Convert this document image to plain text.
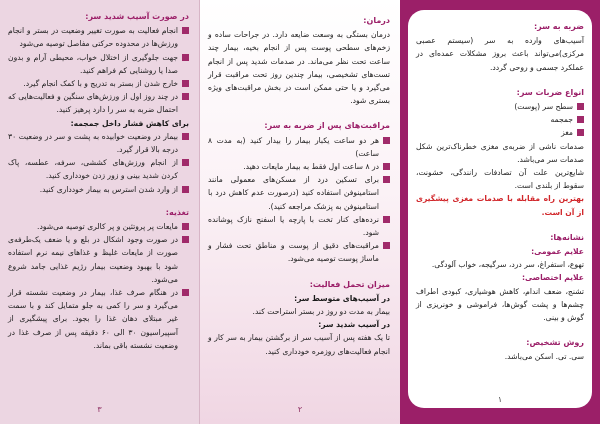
در صورت آسیب شدید سر:
انجام فعالیت به صورت تغییر وضعیت در بستر و انجام ورزش‌ها در محدوده حرکتی مفاصل توصیه می‌شود
جهت جلوگیری از اختلال خواب، محیطی آرام و بدون صدا یا روشنایی کم فراهم کنید.
خارج شدن از بستر به تدریج و با کمک انجام گیرد.
در چند روز اول از ورزش‌های سنگین و فعالیت‌هایی که احتمال ضربه به سر را دارد پرهیز کنید.
برای کاهش فشار داخل جمجمه:
بیمار در وضعیت خوابیده به پشت و سر در وضعیت ۳۰ درجه بالا قرار گیرد.
از انجام ورزش‌های کششی، سرفه، عطسه، پاک کردن شدید بینی و زور زدن خودداری کنید.
از وارد شدن استرس به بیمار خودداری کنید.
تغذیه:
مایعات پر پروتئین و پر کالری توصیه می‌شود.
در صورت وجود اشکال در بلع و یا ضعف یک‌طرفه‌ی صورت از مایعات غلیظ و غذاهای نیمه نرم استفاده شود با بهبود وضعیت بیمار رژیم غذایی جامد شروع می‌شود.
در هنگام صرف غذا، بیمار در وضعیت نشسته قرار می‌گیرد و سر را کمی به جلو متمایل کند و با سمت غیر مبتلای دهان غذا را بجود. برای پیشگیری از آسپیراسیون ۳۰ الی ۶۰ دقیقه پس از صرف غذا در وضعیت نشسته باقی بماند.
۳
درمان:
درمان بستگی به وسعت ضایعه دارد. در جراحات ساده و زخم‌های سطحی پوست پس از انجام بخیه، بیمار چند ساعت تحت نظر می‌ماند. در صدمات شدید پس از انجام تست‌های تشخیصی، بیمار چندین روز تحت مراقبت قرار می‌گیرد و یا حتی ممکن است در بخش مراقبت‌های ویژه بستری شود.
مراقبت‌های پس از ضربه به سر:
هر دو ساعت یکبار بیمار را بیدار کنید (به مدت ۸ ساعت)
در ۸ ساعت اول فقط به بیمار مایعات دهید.
برای تسکین درد از مسکن‌های معمولی مانند استامینوفن استفاده کنید (درصورت عدم کاهش درد با استامینوفن به پزشک مراجعه کنید).
نرده‌های کنار تخت با پارچه یا اسفنج نازک پوشانده شود.
مراقبت‌های دقیق از پوست و مناطق تحت فشار و ماساژ پوست توصیه می‌شود.
میزان تحمل فعالیت:
در آسیب‌های متوسط سر:
بیمار به مدت دو روز در بستر استراحت کند.
در آسیب شدید سر:
تا یک هفته پس از آسیب سر از برگشتن بیمار به سر کار و انجام فعالیت‌های روزمره خودداری کنید.
۲
ضربه به سر:
آسیب‌های وارده به سر (سیستم عصبی مرکزی)می‌تواند باعث بروز مشکلات عمده‌ای در عملکرد جسمی و روحی گردد.
انواع ضربات سر:
سطح سر (پوست)
جمجمه
مغز
صدمات ناشی از ضربه‌ی مغزی خطرناک‌ترین شکل صدمات سر می‌باشد.
شایع‌ترین علت آن تصادفات رانندگی، خشونت، سقوط از بلندی است.
بهترین راه مقابله با صدمات مغزی پیشگیری از آن است.
نشانه‌ها:
علایم عمومی:
تهوع، استفراغ، سر درد، سرگیجه، خواب آلودگی.
علایم اختصاصی:
تشنج، ضعف اندام، کاهش هوشیاری، کبودی اطراف چشم‌ها و پشت گوش‌ها، فراموشی و خونریزی از گوش و بینی.
روش تشخیص:
سی. تی. اسکن می‌باشد.
۱
